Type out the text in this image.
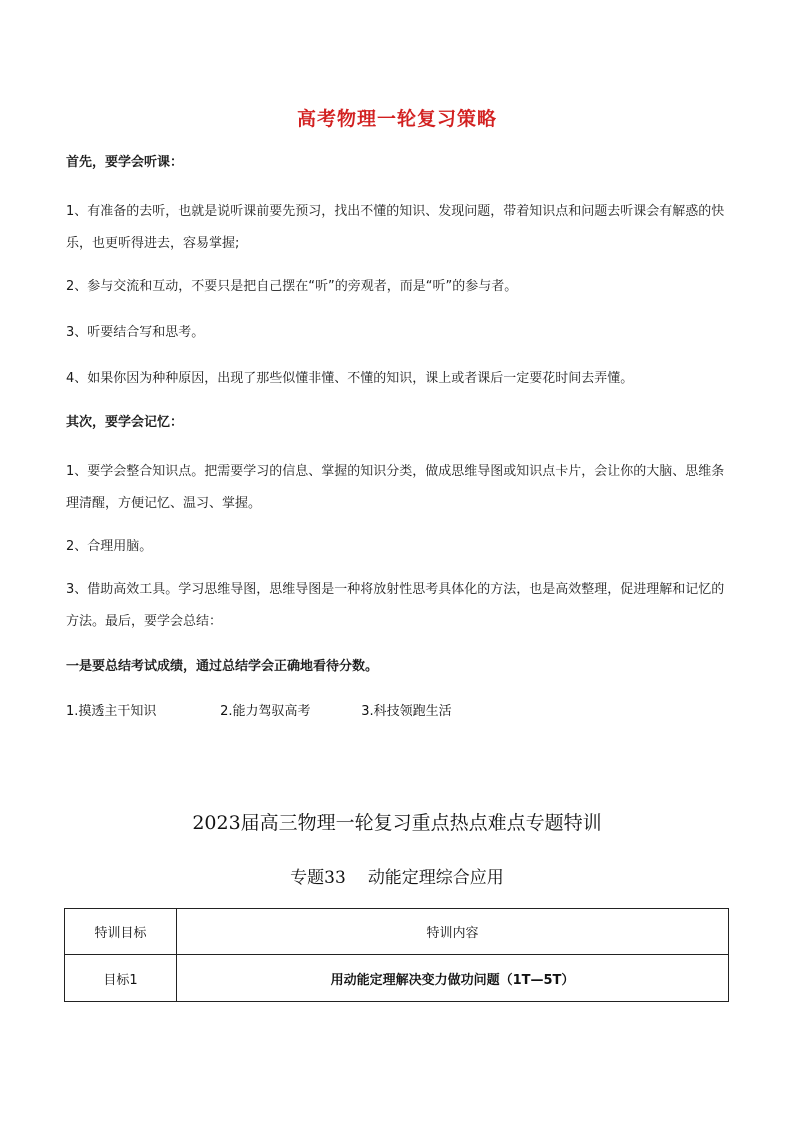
高考物理一轮复习策略
首先，要学会听课：
1、有准备的去听，也就是说听课前要先预习，找出不懂的知识、发现问题，带着知识点和问题去听课会有解惑的快乐，也更听得进去，容易掌握;
2、参与交流和互动，不要只是把自己摆在“听”的旁观者，而是“听”的参与者。
3、听要结合写和思考。
4、如果你因为种种原因，出现了那些似懂非懂、不懂的知识，课上或者课后一定要花时间去弄懂。
其次，要学会记忆：
1、要学会整合知识点。把需要学习的信息、掌握的知识分类，做成思维导图或知识点卡片，会让你的大脑、思维条理清醒，方便记忆、温习、掌握。
2、合理用脑。
3、借助高效工具。学习思维导图，思维导图是一种将放射性思考具体化的方法，也是高效整理，促进理解和记忆的方法。最后，要学会总结：
一是要总结考试成绩，通过总结学会正确地看待分数。
1.摸透主干知识	2.能力驾驭高考	3.科技领跑生活
2023届高三物理一轮复习重点热点难点专题特训
专题33 动能定理综合应用
特训目标	特训内容
目标1	用动能定理解决变力做功问题（1T—5T）
